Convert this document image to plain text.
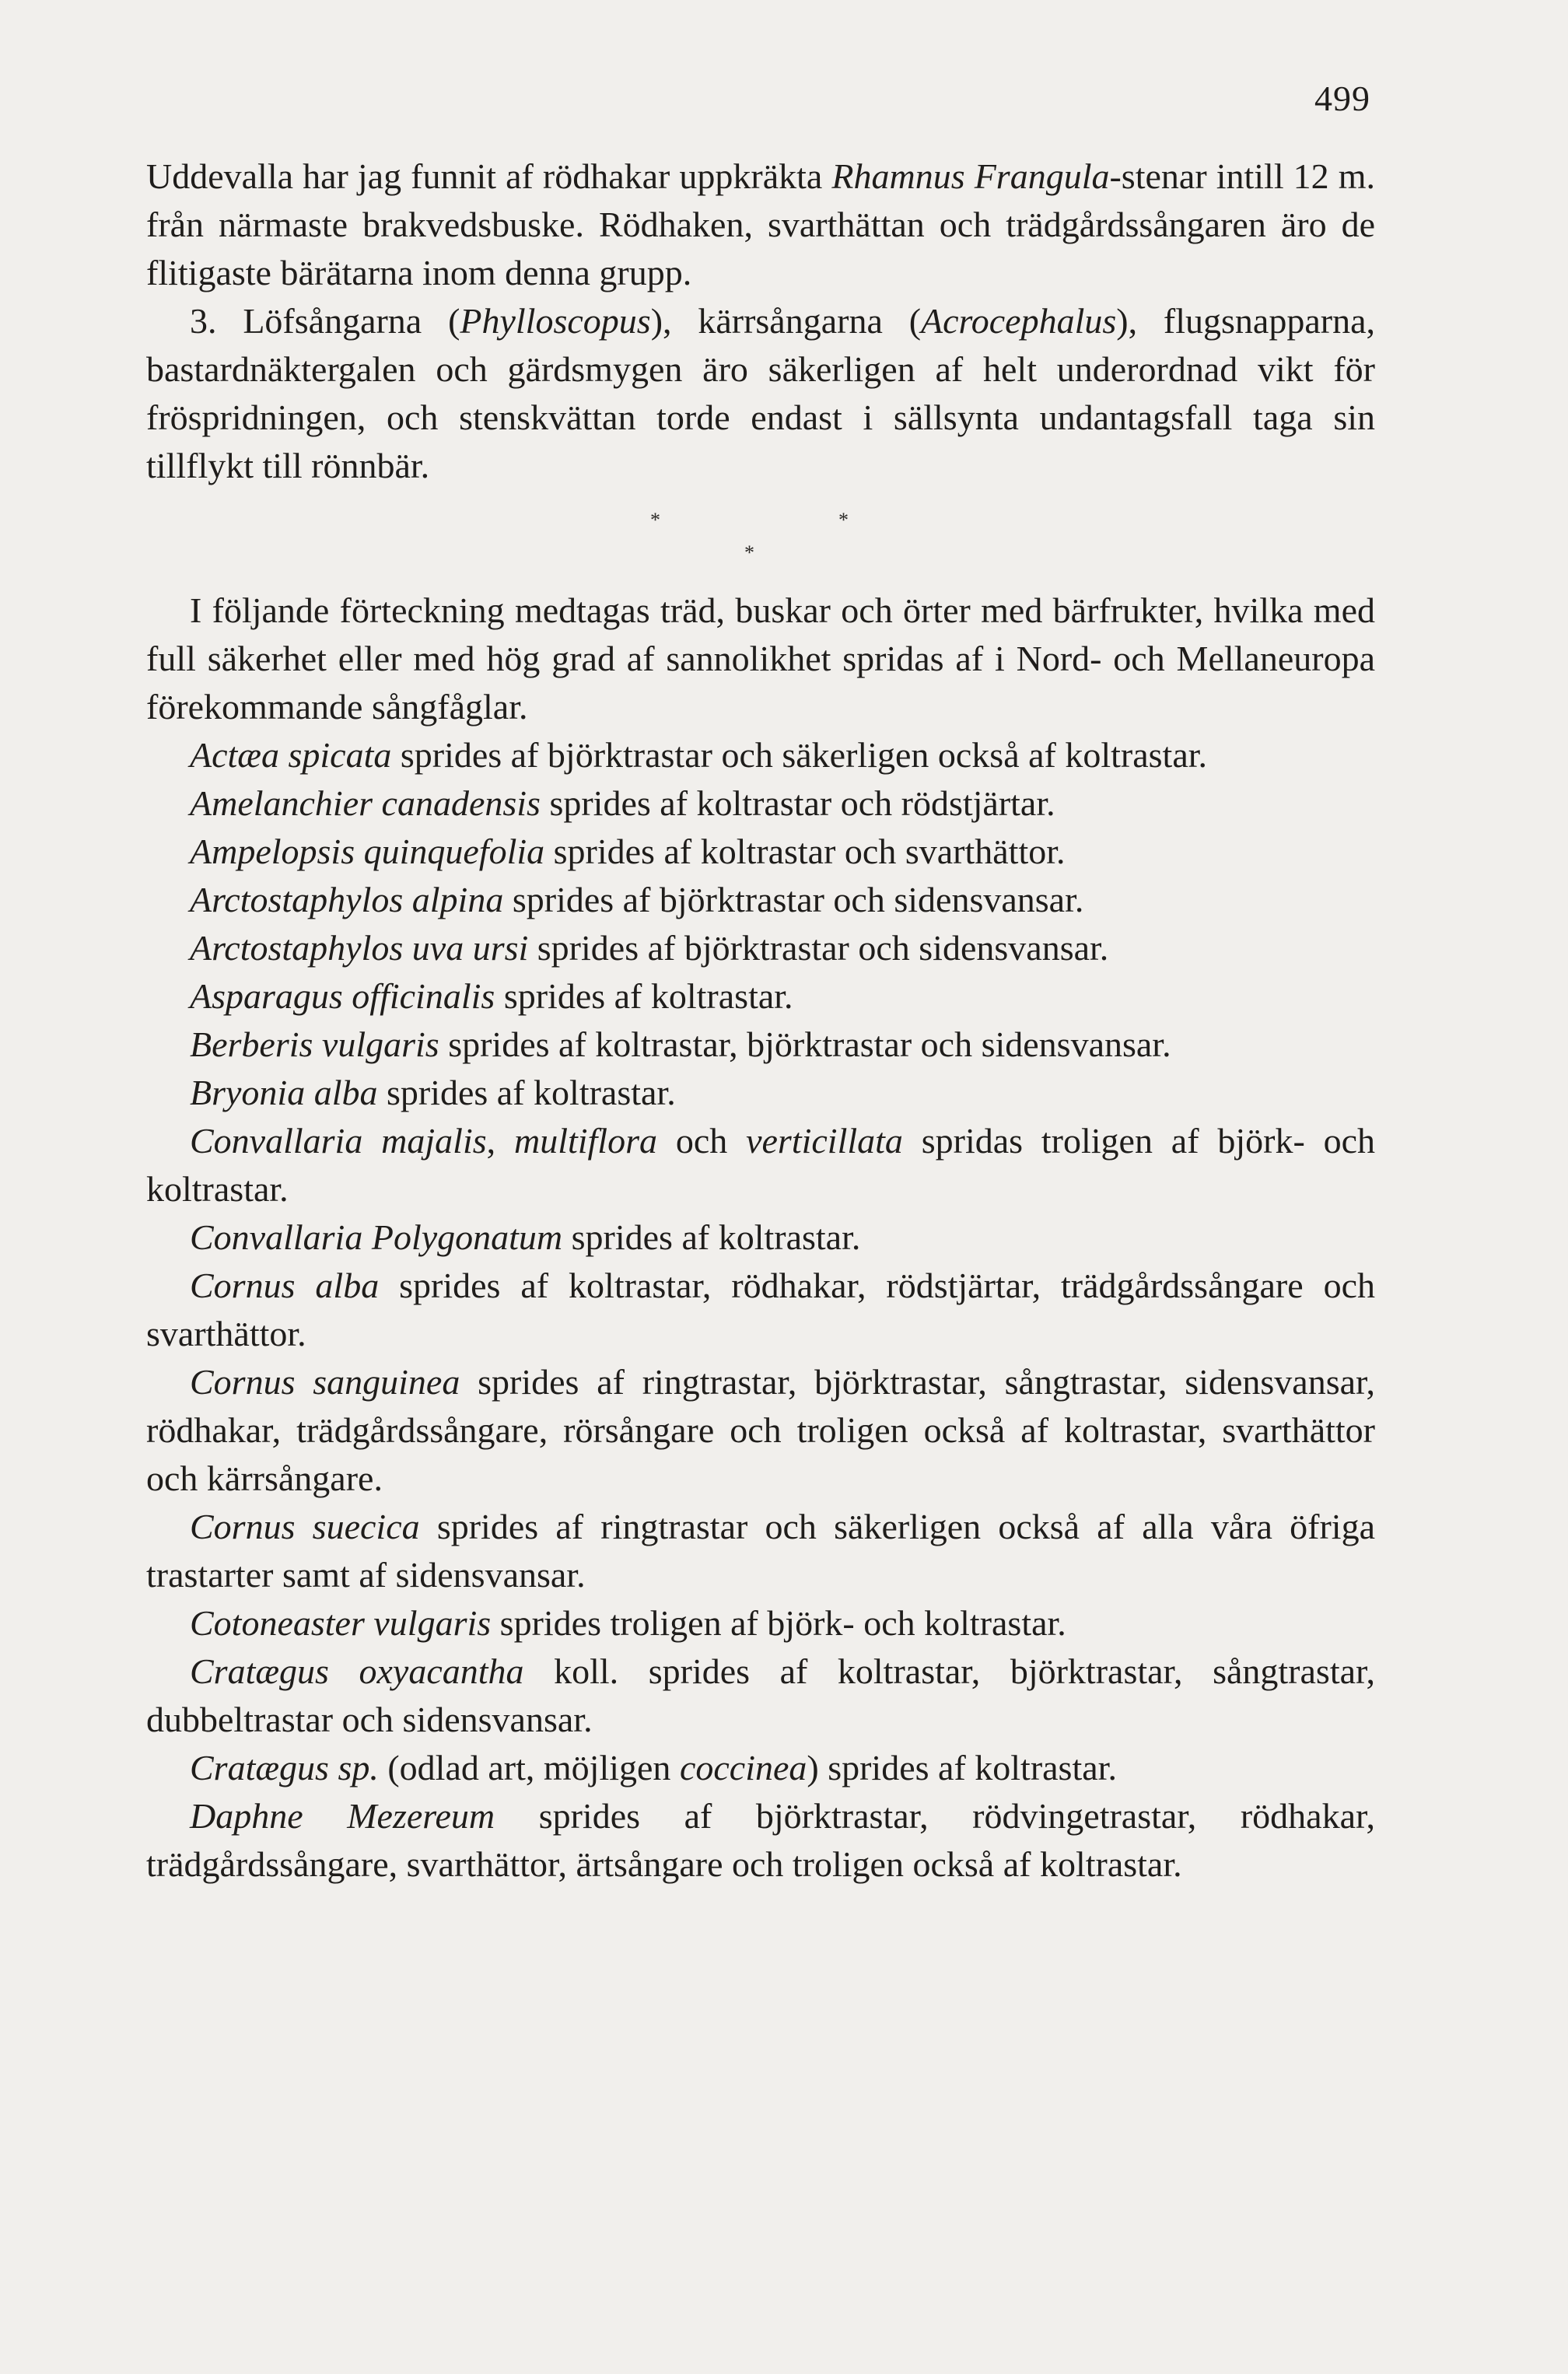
499

Uddevalla har jag funnit af rödhakar uppkräkta Rhamnus Frangula-stenar intill 12 m. från närmaste brakvedsbuske. Rödhaken, svarthättan och trädgårdssångaren äro de flitigaste bärätarna inom denna grupp.

3. Löfsångarna (Phylloscopus), kärrsångarna (Acrocephalus), flugsnapparna, bastardnäktergalen och gärdsmygen äro säkerligen af helt underordnad vikt för fröspridningen, och stenskvättan torde endast i sällsynta undantagsfall taga sin tillflykt till rönnbär.

*	*
*

I följande förteckning medtagas träd, buskar och örter med bärfrukter, hvilka med full säkerhet eller med hög grad af sannolikhet spridas af i Nord- och Mellaneuropa förekommande sångfåglar.

Actæa spicata sprides af björktrastar och säkerligen också af koltrastar.

Amelanchier canadensis sprides af koltrastar och rödstjärtar.

Ampelopsis quinquefolia sprides af koltrastar och svarthättor.

Arctostaphylos alpina sprides af björktrastar och sidensvansar.

Arctostaphylos uva ursi sprides af björktrastar och sidensvansar.

Asparagus officinalis sprides af koltrastar.

Berberis vulgaris sprides af koltrastar, björktrastar och sidensvansar.

Bryonia alba sprides af koltrastar.

Convallaria majalis, multiflora och verticillata spridas troligen af björk- och koltrastar.

Convallaria Polygonatum sprides af koltrastar.

Cornus alba sprides af koltrastar, rödhakar, rödstjärtar, trädgårdssångare och svarthättor.

Cornus sanguinea sprides af ringtrastar, björktrastar, sångtrastar, sidensvansar, rödhakar, trädgårdssångare, rörsångare och troligen också af koltrastar, svarthättor och kärrsångare.

Cornus suecica sprides af ringtrastar och säkerligen också af alla våra öfriga trastarter samt af sidensvansar.

Cotoneaster vulgaris sprides troligen af björk- och koltrastar.

Cratægus oxyacantha koll. sprides af koltrastar, björktrastar, sångtrastar, dubbeltrastar och sidensvansar.

Cratægus sp. (odlad art, möjligen coccinea) sprides af koltrastar.

Daphne Mezereum sprides af björktrastar, rödvingetrastar, rödhakar, trädgårdssångare, svarthättor, ärtsångare och troligen också af koltrastar.
